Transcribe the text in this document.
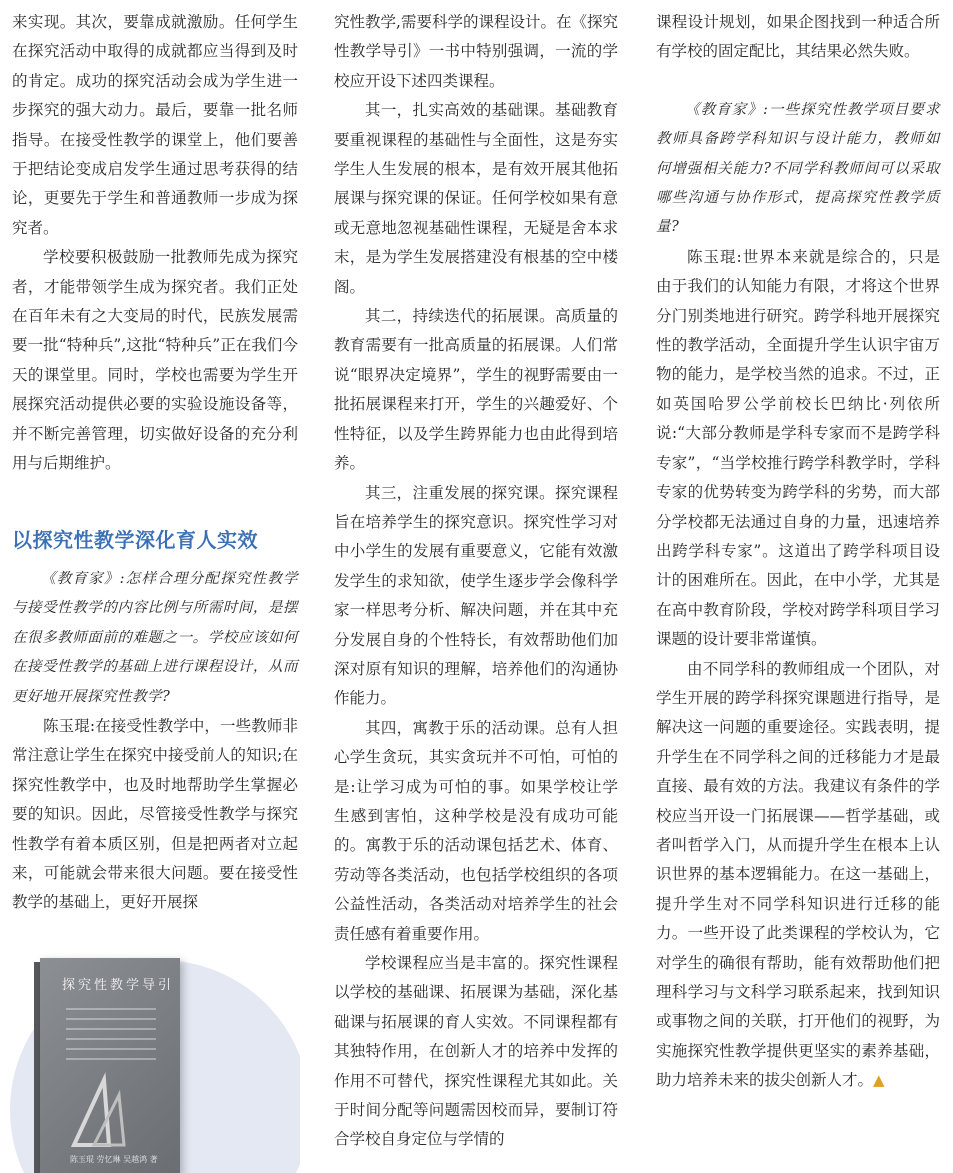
来实现。其次，要靠成就激励。任何学生在探究活动中取得的成就都应当得到及时的肯定。成功的探究活动会成为学生进一步探究的强大动力。最后，要靠一批名师指导。在接受性教学的课堂上，他们要善于把结论变成启发学生通过思考获得的结论，更要先于学生和普通教师一步成为探究者。

学校要积极鼓励一批教师先成为探究者，才能带领学生成为探究者。我们正处在百年未有之大变局的时代，民族发展需要一批“特种兵”,这批“特种兵”正在我们今天的课堂里。同时，学校也需要为学生开展探究活动提供必要的实验设施设备等，并不断完善管理，切实做好设备的充分利用与后期维护。

以探究性教学深化育人实效

《教育家》:怎样合理分配探究性教学与接受性教学的内容比例与所需时间，是摆在很多教师面前的难题之一。学校应该如何在接受性教学的基础上进行课程设计，从而更好地开展探究性教学?

陈玉琨:在接受性教学中，一些教师非常注意让学生在探究中接受前人的知识;在探究性教学中，也及时地帮助学生掌握必要的知识。因此，尽管接受性教学与探究性教学有着本质区别，但是把两者对立起来，可能就会带来很大问题。要在接受性教学的基础上，更好开展探

探究性教学导引
陈玉琨 劳忆琳 吴越鸿 著

究性教学,需要科学的课程设计。在《探究性教学导引》一书中特别强调，一流的学校应开设下述四类课程。

其一，扎实高效的基础课。基础教育要重视课程的基础性与全面性，这是夯实学生人生发展的根本，是有效开展其他拓展课与探究课的保证。任何学校如果有意或无意地忽视基础性课程，无疑是舍本求末，是为学生发展搭建没有根基的空中楼阁。

其二，持续迭代的拓展课。高质量的教育需要有一批高质量的拓展课。人们常说“眼界决定境界”，学生的视野需要由一批拓展课程来打开，学生的兴趣爱好、个性特征，以及学生跨界能力也由此得到培养。

其三，注重发展的探究课。探究课程旨在培养学生的探究意识。探究性学习对中小学生的发展有重要意义，它能有效激发学生的求知欲，使学生逐步学会像科学家一样思考分析、解决问题，并在其中充分发展自身的个性特长，有效帮助他们加深对原有知识的理解，培养他们的沟通协作能力。

其四，寓教于乐的活动课。总有人担心学生贪玩，其实贪玩并不可怕，可怕的是:让学习成为可怕的事。如果学校让学生感到害怕，这种学校是没有成功可能的。寓教于乐的活动课包括艺术、体育、劳动等各类活动，也包括学校组织的各项公益性活动，各类活动对培养学生的社会责任感有着重要作用。

学校课程应当是丰富的。探究性课程以学校的基础课、拓展课为基础，深化基础课与拓展课的育人实效。不同课程都有其独特作用，在创新人才的培养中发挥的作用不可替代，探究性课程尤其如此。关于时间分配等问题需因校而异，要制订符合学校自身定位与学情的

课程设计规划，如果企图找到一种适合所有学校的固定配比，其结果必然失败。

《教育家》:一些探究性教学项目要求教师具备跨学科知识与设计能力，教师如何增强相关能力?不同学科教师间可以采取哪些沟通与协作形式，提高探究性教学质量?

陈玉琨:世界本来就是综合的，只是由于我们的认知能力有限，才将这个世界分门别类地进行研究。跨学科地开展探究性的教学活动，全面提升学生认识宇宙万物的能力，是学校当然的追求。不过，正如英国哈罗公学前校长巴纳比·列依所说:“大部分教师是学科专家而不是跨学科专家”，“当学校推行跨学科教学时，学科专家的优势转变为跨学科的劣势，而大部分学校都无法通过自身的力量，迅速培养出跨学科专家”。这道出了跨学科项目设计的困难所在。因此，在中小学，尤其是在高中教育阶段，学校对跨学科项目学习课题的设计要非常谨慎。

由不同学科的教师组成一个团队，对学生开展的跨学科探究课题进行指导，是解决这一问题的重要途径。实践表明，提升学生在不同学科之间的迁移能力才是最直接、最有效的方法。我建议有条件的学校应当开设一门拓展课——哲学基础，或者叫哲学入门，从而提升学生在根本上认识世界的基本逻辑能力。在这一基础上，提升学生对不同学科知识进行迁移的能力。一些开设了此类课程的学校认为，它对学生的确很有帮助，能有效帮助他们把理科学习与文科学习联系起来，找到知识或事物之间的关联，打开他们的视野，为实施探究性教学提供更坚实的素养基础，助力培养未来的拔尖创新人才。▲
